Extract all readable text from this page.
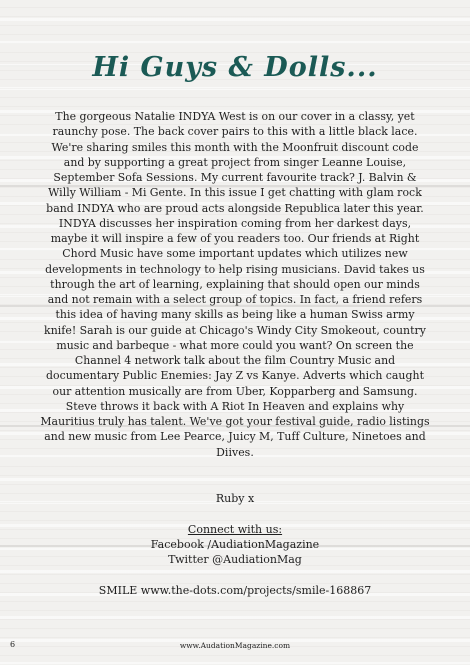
Hi Guys & Dolls...

The gorgeous Natalie INDYA West is on our cover in a classy, yet raunchy pose. The back cover pairs to this with a little black lace. We're sharing smiles this month with the Moonfruit discount code and by supporting a great project from singer Leanne Louise, September Sofa Sessions. My current favourite track? J. Balvin & Willy William - Mi Gente. In this issue I get chatting with glam rock band INDYA who are proud acts alongside Republica later this year. INDYA discusses her inspiration coming from her darkest days, maybe it will inspire a few of you readers too. Our friends at Right Chord Music have some important updates which utilizes new developments in technology to help rising musicians. David takes us through the art of learning, explaining that should open our minds and not remain with a select group of topics. In fact, a friend refers this idea of having many skills as being like a human Swiss army knife! Sarah is our guide at Chicago's Windy City Smokeout, country music and barbeque - what more could you want? On screen the Channel 4 network talk about the film Country Music and documentary Public Enemies: Jay Z vs Kanye. Adverts which caught our attention musically are from Uber, Kopparberg and Samsung. Steve throws it back with A Riot In Heaven and explains why Mauritius truly has talent. We've got your festival guide, radio listings and new music from Lee Pearce, Juicy M, Tuff Culture, Ninetoes and Diives.

Ruby x

Connect with us:
Facebook /AudiationMagazine
Twitter @AudiationMag

SMILE www.the-dots.com/projects/smile-168867

6	www.AudationMagazine.com
